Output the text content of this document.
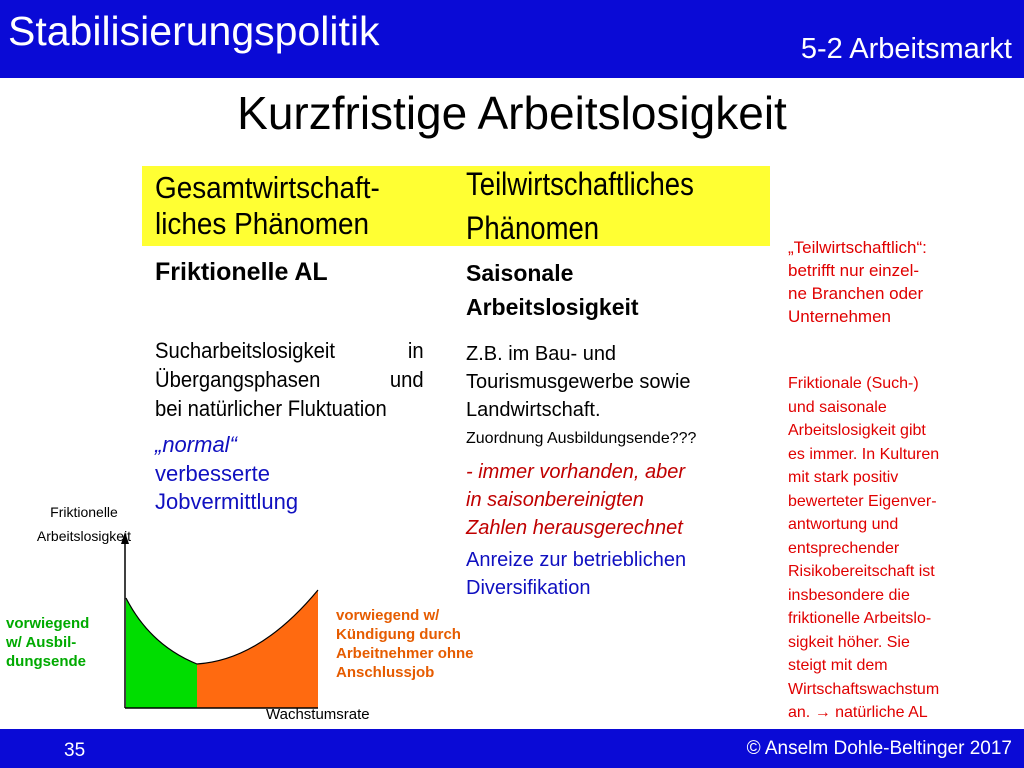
Stabilisierungspolitik	5-2 Arbeitsmarkt
Kurzfristige Arbeitslosigkeit
Gesamtwirtschaft-
liches Phänomen
Teilwirtschaftliches
Phänomen
Friktionelle AL
Sucharbeitslosigkeit in
Übergangsphasen und
bei natürlicher Fluktuation
„normal“
verbesserte
Jobvermittlung
Saisonale
Arbeitslosigkeit
Z.B. im Bau- und
Tourismusgewerbe sowie
Landwirtschaft.
Zuordnung Ausbildungsende???
- immer vorhanden, aber
in saisonbereinigten
Zahlen herausgerechnet
Anreize zur betrieblichen
Diversifikation
„Teilwirtschaftlich“:
betrifft nur einzel-
ne Branchen oder
Unternehmen
Friktionale (Such-)
und saisonale
Arbeitslosigkeit gibt
es immer. In Kulturen
mit stark positiv
bewerteter Eigenver-
antwortung und
entsprechender
Risikobereitschaft ist
insbesondere die
friktionelle Arbeitslo-
sigkeit höher. Sie
steigt mit dem
Wirtschaftswachstum
an. → natürliche AL
Friktionelle
Arbeitslosigkeit
Wachstumsrate
vorwiegend
w/ Ausbil-
dungsende
vorwiegend w/
Kündigung durch
Arbeitnehmer ohne
Anschlussjob
35	© Anselm Dohle-Beltinger 2017
